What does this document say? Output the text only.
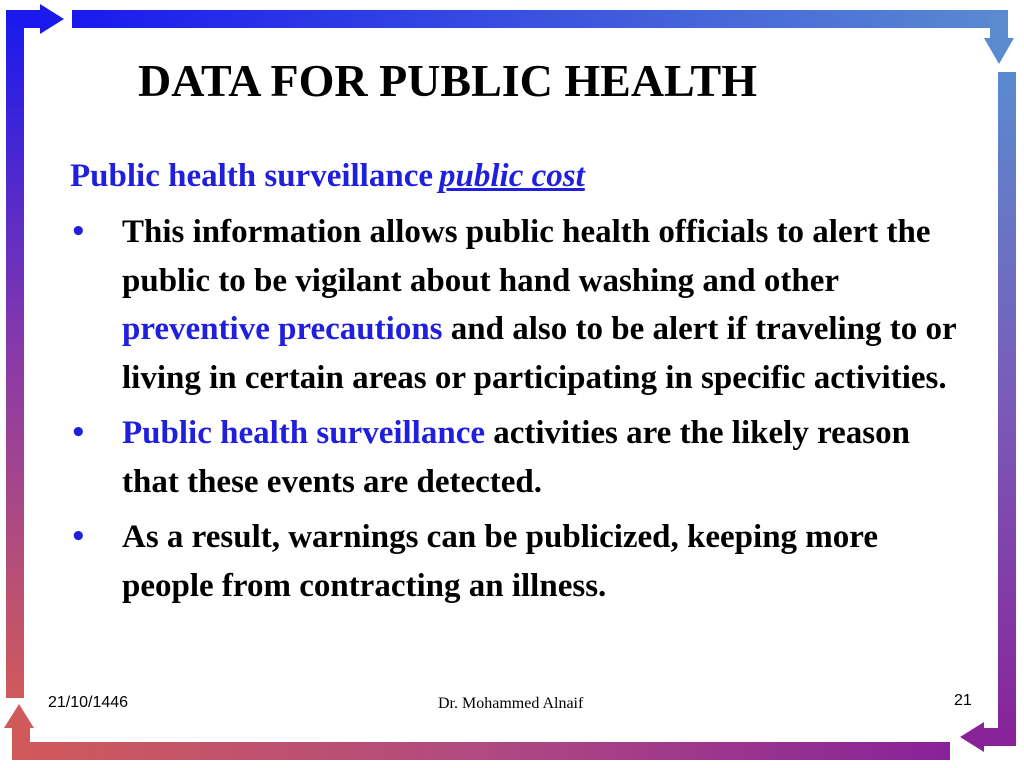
DATA FOR PUBLIC HEALTH

Public health surveillance public cost

• This information allows public health officials to alert the public to be vigilant about hand washing and other preventive precautions and also to be alert if traveling to or living in certain areas or participating in specific activities.
• Public health surveillance activities are the likely reason that these events are detected.
• As a result, warnings can be publicized, keeping more people from contracting an illness.
21/10/1446	Dr. Mohammed Alnaif	21
